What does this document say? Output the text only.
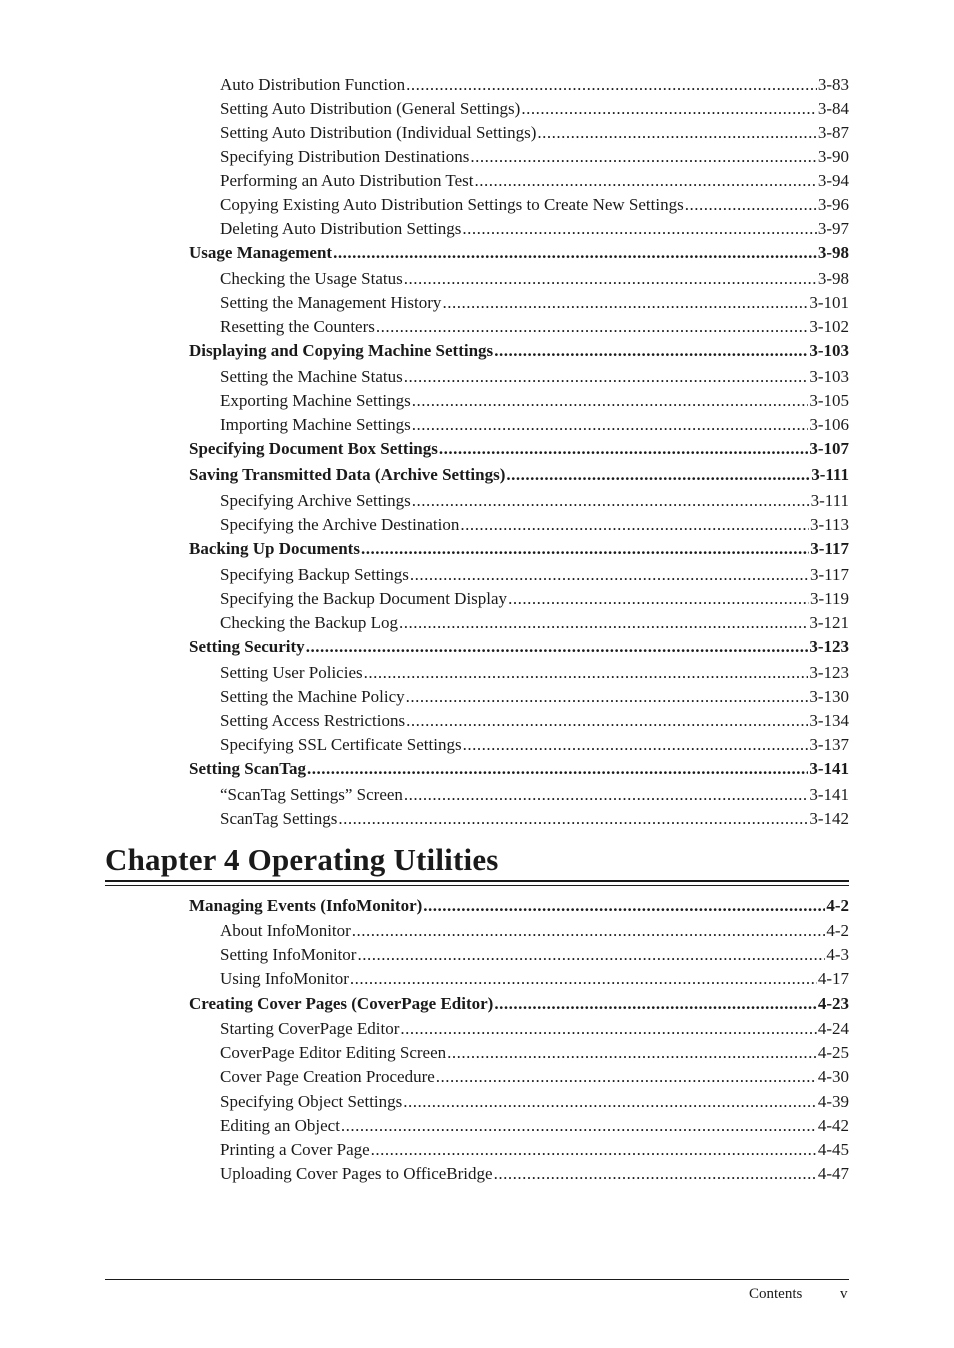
Auto Distribution Function .....	3-83
Setting Auto Distribution (General Settings) .....	3-84
Setting Auto Distribution (Individual Settings) .....	3-87
Specifying Distribution Destinations .....	3-90
Performing an Auto Distribution Test .....	3-94
Copying Existing Auto Distribution Settings to Create New Settings .....	3-96
Deleting Auto Distribution Settings .....	3-97
Usage Management .....	3-98
Checking the Usage Status .....	3-98
Setting the Management History .....	3-101
Resetting the Counters .....	3-102
Displaying and Copying Machine Settings .....	3-103
Setting the Machine Status .....	3-103
Exporting Machine Settings .....	3-105
Importing Machine Settings .....	3-106
Specifying Document Box Settings .....	3-107
Saving Transmitted Data (Archive Settings) .....	3-111
Specifying Archive Settings .....	3-111
Specifying the Archive Destination .....	3-113
Backing Up Documents .....	3-117
Specifying Backup Settings .....	3-117
Specifying the Backup Document Display .....	3-119
Checking the Backup Log .....	3-121
Setting Security .....	3-123
Setting User Policies .....	3-123
Setting the Machine Policy .....	3-130
Setting Access Restrictions .....	3-134
Specifying SSL Certificate Settings .....	3-137
Setting ScanTag .....	3-141
“ScanTag Settings” Screen .....	3-141
ScanTag Settings .....	3-142
Chapter 4 Operating Utilities
Managing Events (InfoMonitor) .....	4-2
About InfoMonitor .....	4-2
Setting InfoMonitor .....	4-3
Using InfoMonitor .....	4-17
Creating Cover Pages (CoverPage Editor) .....	4-23
Starting CoverPage Editor .....	4-24
CoverPage Editor Editing Screen .....	4-25
Cover Page Creation Procedure .....	4-30
Specifying Object Settings .....	4-39
Editing an Object .....	4-42
Printing a Cover Page .....	4-45
Uploading Cover Pages to OfficeBridge .....	4-47
Contents	v
